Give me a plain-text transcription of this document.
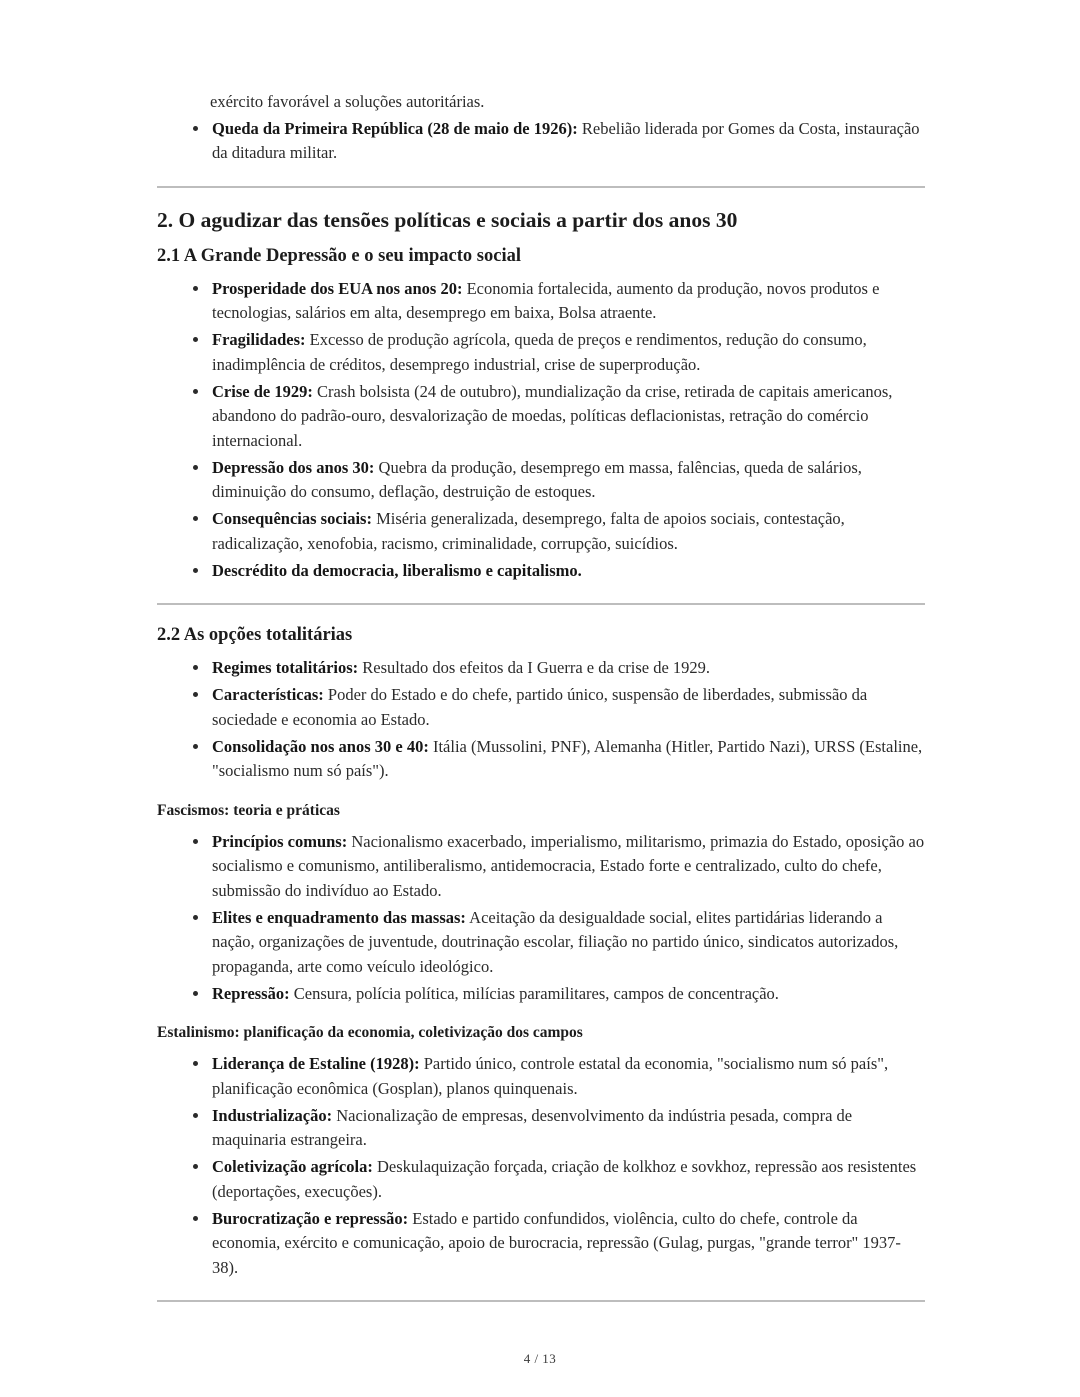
exército favorável a soluções autoritárias.
• Queda da Primeira República (28 de maio de 1926): Rebelião liderada por Gomes da Costa, instauração da ditadura militar.
2. O agudizar das tensões políticas e sociais a partir dos anos 30
2.1 A Grande Depressão e o seu impacto social
• Prosperidade dos EUA nos anos 20: Economia fortalecida, aumento da produção, novos produtos e tecnologias, salários em alta, desemprego em baixa, Bolsa atraente.
• Fragilidades: Excesso de produção agrícola, queda de preços e rendimentos, redução do consumo, inadimplência de créditos, desemprego industrial, crise de superprodução.
• Crise de 1929: Crash bolsista (24 de outubro), mundialização da crise, retirada de capitais americanos, abandono do padrão-ouro, desvalorização de moedas, políticas deflacionistas, retração do comércio internacional.
• Depressão dos anos 30: Quebra da produção, desemprego em massa, falências, queda de salários, diminuição do consumo, deflação, destruição de estoques.
• Consequências sociais: Miséria generalizada, desemprego, falta de apoios sociais, contestação, radicalização, xenofobia, racismo, criminalidade, corrupção, suicídios.
• Descrédito da democracia, liberalismo e capitalismo.
2.2 As opções totalitárias
• Regimes totalitários: Resultado dos efeitos da I Guerra e da crise de 1929.
• Características: Poder do Estado e do chefe, partido único, suspensão de liberdades, submissão da sociedade e economia ao Estado.
• Consolidação nos anos 30 e 40: Itália (Mussolini, PNF), Alemanha (Hitler, Partido Nazi), URSS (Estaline, "socialismo num só país").
Fascismos: teoria e práticas
• Princípios comuns: Nacionalismo exacerbado, imperialismo, militarismo, primazia do Estado, oposição ao socialismo e comunismo, antiliberalismo, antidemocracia, Estado forte e centralizado, culto do chefe, submissão do indivíduo ao Estado.
• Elites e enquadramento das massas: Aceitação da desigualdade social, elites partidárias liderando a nação, organizações de juventude, doutrinação escolar, filiação no partido único, sindicatos autorizados, propaganda, arte como veículo ideológico.
• Repressão: Censura, polícia política, milícias paramilitares, campos de concentração.
Estalinismo: planificação da economia, coletivização dos campos
• Liderança de Estaline (1928): Partido único, controle estatal da economia, "socialismo num só país", planificação econômica (Gosplan), planos quinquenais.
• Industrialização: Nacionalização de empresas, desenvolvimento da indústria pesada, compra de maquinaria estrangeira.
• Coletivização agrícola: Deskulaquização forçada, criação de kolkhoz e sovkhoz, repressão aos resistentes (deportações, execuções).
• Burocratização e repressão: Estado e partido confundidos, violência, culto do chefe, controle da economia, exército e comunicação, apoio de burocracia, repressão (Gulag, purgas, "grande terror" 1937-38).
4 / 13
